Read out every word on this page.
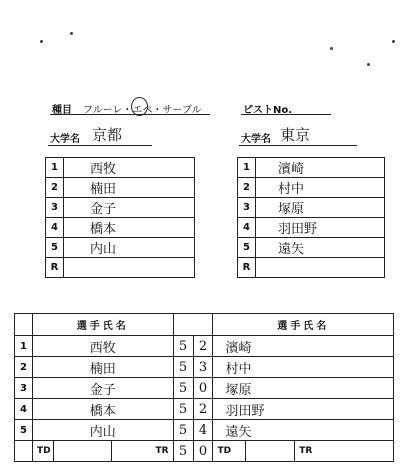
種目 フルーレ・エペ・サーブル	ピストNo.
大学名 京都	大学名 東京
1	西牧
2	楠田
3	金子
4	橋本
5	内山
R	
1	濱崎
2	村中
3	塚原
4	羽田野
5	遠矢
R	
	選手氏名					選手氏名		
1	西牧			5	2	濱崎		
2	楠田			5	3	村中		
3	金子			5	0	塚原		
4	橋本			5	2	羽田野		
5	内山			5	4	遠矢		
	TD		TR	5	0	TD		TR
